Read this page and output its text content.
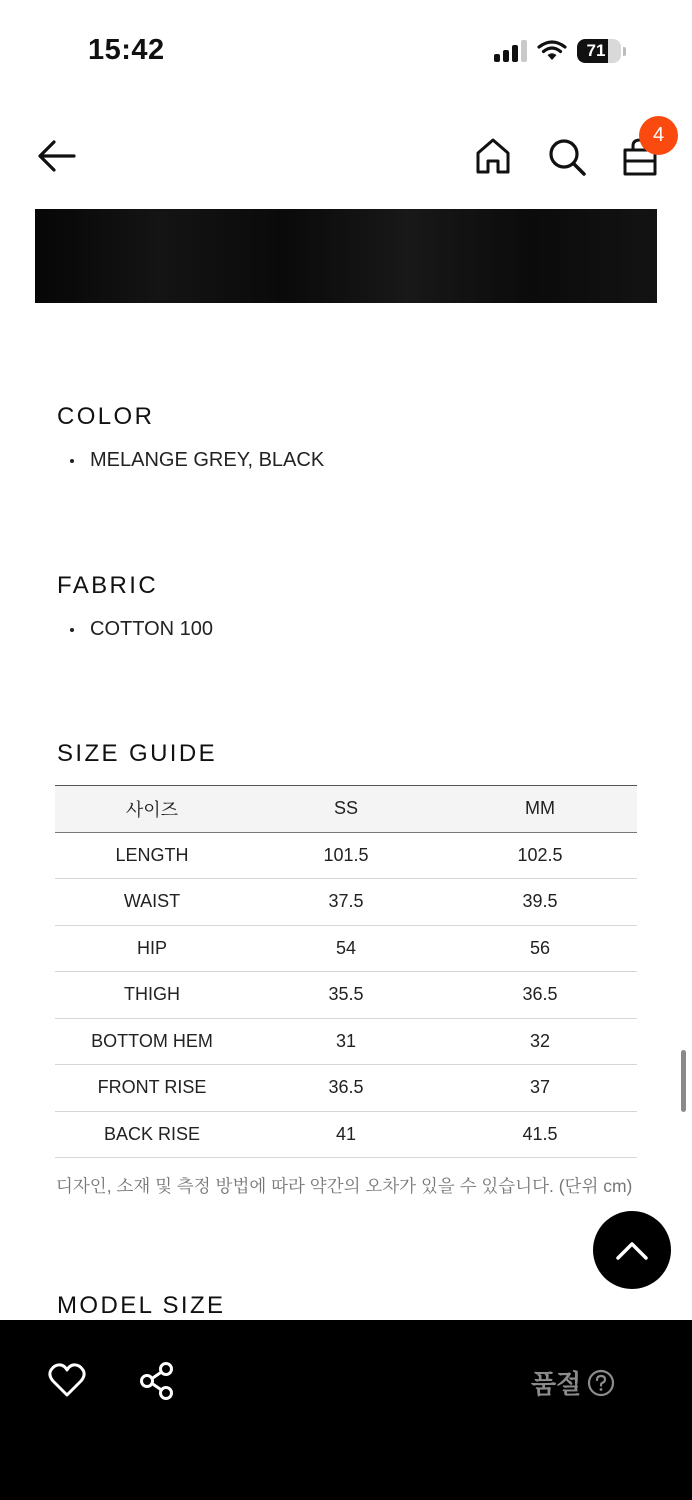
15:42	71
4
COLOR
MELANGE GREY, BLACK
FABRIC
COTTON 100
SIZE GUIDE
사이즈	SS	MM
LENGTH	101.5	102.5
WAIST	37.5	39.5
HIP	54	56
THIGH	35.5	36.5
BOTTOM HEM	31	32
FRONT RISE	36.5	37
BACK RISE	41	41.5
디자인, 소재 및 측정 방법에 따라 약간의 오차가 있을 수 있습니다. (단위 cm)
MODEL SIZE
품절
